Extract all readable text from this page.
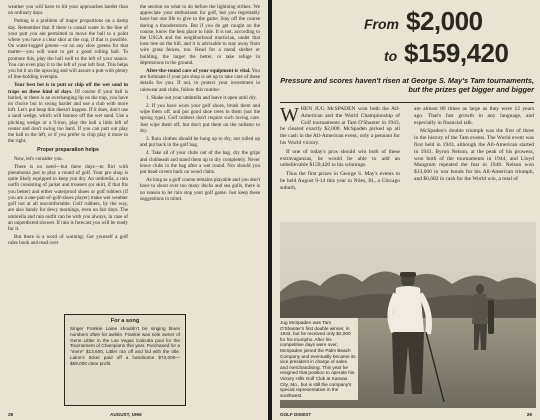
weather you will have to hit your approaches harder than on ordinary days.

Putting is a problem of major proportions on a damp day. Remember that if there is casual water in the line of your putt you are permitted to move the ball to a point where you have a clear shot at the cup, if that is possible. On water-logged greens—or on any slow greens for that matter—you will want to get a good rolling ball. To promote this, play the ball well to the left of your stance. You can even play it to the left of your left foot. This helps you hit it on the upswing and will assure a putt with plenty of line-holding overspin.

Your best bet is to putt or chip off the wet sand in traps on these kind of days. Of course if your ball is buried, or there is an overhanging lip on the trap, you have no choice but to swing harder and use a club with more loft. Let's put heap this doesn't happen. If it does, don't use a sand wedge, which will bounce off the wet sand. Use a pitching wedge or a 9-iron, play the ball a little left of center and don't swing too hard. If you can putt out play the ball to the left, or if you prefer to chip play it more to the right.

Proper preparation helps

Now, let's consider you.

There is no need—but there days—to flirt with pneumonia just to play a round of golf. Your pro shop is quite likely equipped to keep you dry. An umbrella, a rain outfit consisting of jacket and trousers (or skirt, if that fits you better) and either waterproof shoes or golf rubbers (if you are a one-pair-of-golf-shoes player) make wet weather golf not at all uncomfortable. Golf rubbers, by the way, are also handy for dewy mornings, even on fair days. The umbrella and rain outfit can be with you always, in case of an unpredicted shower. If rain is forecast you will be ready for it.

But there is a word of warning: Get yourself a golf rules book and read over

the section on what to do before the lightning strikes. We appreciate your enthusiasm for golf, but you regrettably have but one life to give to the game. Stay off the course during a thunderstorm. But if you do get caught on the course, know the best place to hide. It is not, according to the USGA and the neighborhood mortician, under that lone tree on the hill, and it is advisable to stay away from wire grass fences, too. Head for a metal shelter or building, the larger the better, or take refuge in depressions in the ground.

After-the-round care of your equipment is vital. You are fortunate if your pro shop is set up to take care of these details for you. If not, to protect your investment in rainwear and clubs, follow this routine:

1. Shake out your umbrella and leave it open until dry.

2. If you have worn your golf shoes, brush them and wipe them off, and put good shoe trees in them (not the spring type). Golf rubbers don't require such loving care. Just wipe them off, but don't put them on the radiator to dry.

3. Rain clothes should be hung up to dry, not rolled up and put back in the golf bag.

4. Take all of your clubs out of the bag, dry the grips and clubheads and stand them up to dry completely. Never leave clubs in the bag after a wet round. Nor should you put head covers back on wood clubs.

As long as a golf course remains playable and you don't have to shoot over too many ducks and sea gulls, there is no reason to let rain stop your golf game. Just keep these suggestions in mind.

For a song
Singer Frankie Laine shouldn't be singing blues numbers often for awhile. Frankie was sole owner of Gene Littler in the Las Vegas Calcutta pool for the Tournament of Champions this year. Purchased for a "mere" $13,600, Littler ran off and hid with the title. Laine's ticket paid off a handsome $72,000—$59,000 clear profit.
28	AUGUST, 1956
From $2,000
to $159,420
Pressure and scores haven't risen at George S. May's Tam tournaments, but the prizes get bigger and bigger

WHEN JUG McSPADEN won both the All-American and the World Championship of Golf tournaments at Tam O'Shanter in 1943, he cleared exactly $2,000. McSpaden picked up all the cash in the All-American event, only a pennant for his World victory.

If one of today's pros should win both of these extravaganzas, he would be able to add an unbelievable $159,420 to his winnings.

Thus the first prizes in George S. May's events to be held August 9-14 this year in Niles, Ill., a Chicago suburb,

are almost 80 times as large as they were 12 years ago. That's fast growth in any language, and especially in financial talk.

McSpaden's double triumph was the first of three in the history of the Tam events. The World event was first held in 1943, although the All-American started in 1941. Byron Nelson, at the peak of his prowess, won both of the tournaments in 1944, and Lloyd Mangrum repeated the feat in 1948. Nelson won $13,600 in war bonds for his All-American triumph, and $6,682 in cash for the World win, a total of

Jug McSpaden was Tam O'Shanter's first double winner, in 1942, but he received only $2,000 for his triumphs. After his competitive days were over, McSpaden joined the Palm Beach Company and eventually became its vice president in charge of sales and merchandising. This year he resigned that position to operate his Victory Hills Golf Club at Kansas City, Mo., but is still the company's special representative in the southwest.
GOLF DIGEST	29
